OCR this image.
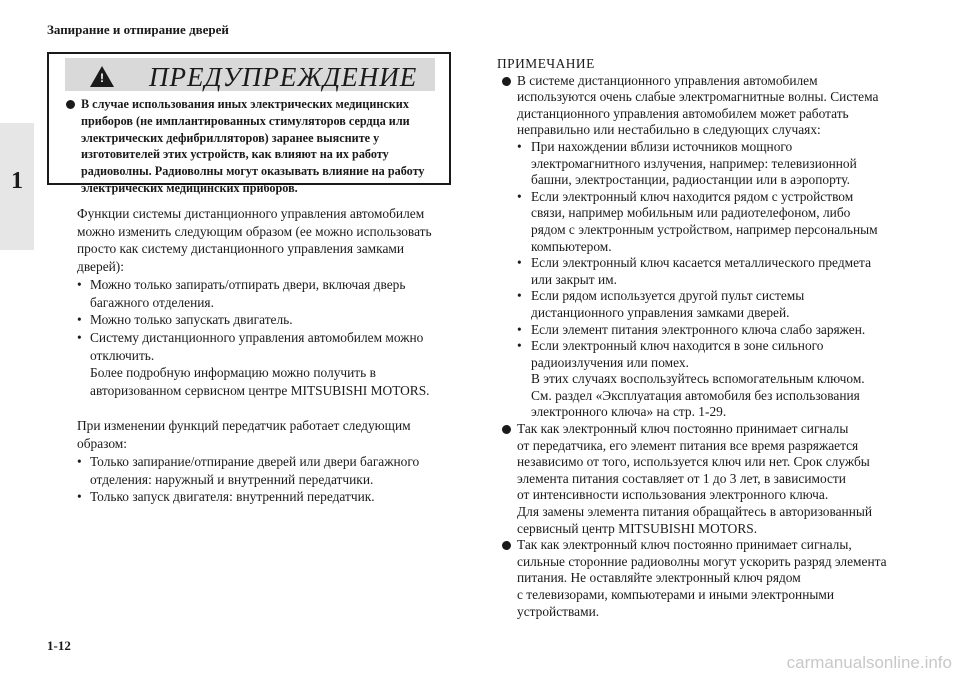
Запирание и отпирание дверей
1
! ПРЕДУПРЕЖДЕНИЕ
В случае использования иных электрических медицинских
приборов (не имплантированных стимуляторов сердца или
электрических дефибрилляторов) заранее выясните у
изготовителей этих устройств, как влияют на их работу
радиоволны. Радиоволны могут оказывать влияние на работу
электрических медицинских приборов.
Функции системы дистанционного управления автомобилем
можно изменить следующим образом (ее можно использовать
просто как систему дистанционного управления замками
дверей):
• Можно только запирать/отпирать двери, включая дверь
багажного отделения.
• Можно только запускать двигатель.
• Систему дистанционного управления автомобилем можно
отключить.
Более подробную информацию можно получить в
авторизованном сервисном центре MITSUBISHI MOTORS.
При изменении функций передатчик работает следующим
образом:
• Только запирание/отпирание дверей или двери багажного
отделения: наружный и внутренний передатчики.
• Только запуск двигателя: внутренний передатчик.
ПРИМЕЧАНИЕ
В системе дистанционного управления автомобилем
используются очень слабые электромагнитные волны. Система
дистанционного управления автомобилем может работать
неправильно или нестабильно в следующих случаях:
• При нахождении вблизи источников мощного
электромагнитного излучения, например: телевизионной
башни, электростанции, радиостанции или в аэропорту.
• Если электронный ключ находится рядом с устройством
связи, например мобильным или радиотелефоном, либо
рядом с электронным устройством, например персональным
компьютером.
• Если электронный ключ касается металлического предмета
или закрыт им.
• Если рядом используется другой пульт системы
дистанционного управления замками дверей.
• Если элемент питания электронного ключа слабо заряжен.
• Если электронный ключ находится в зоне сильного
радиоизлучения или помех.
В этих случаях воспользуйтесь вспомогательным ключом.
См. раздел «Эксплуатация автомобиля без использования
электронного ключа» на стр. 1-29.
Так как электронный ключ постоянно принимает сигналы
от передатчика, его элемент питания все время разряжается
независимо от того, используется ключ или нет. Срок службы
элемента питания составляет от 1 до 3 лет, в зависимости
от интенсивности использования электронного ключа.
Для замены элемента питания обращайтесь в авторизованный
сервисный центр MITSUBISHI MOTORS.
Так как электронный ключ постоянно принимает сигналы,
сильные сторонние радиоволны могут ускорить разряд элемента
питания. Не оставляйте электронный ключ рядом
с телевизорами, компьютерами и иными электронными
устройствами.
1-12
carmanualsonline.info
